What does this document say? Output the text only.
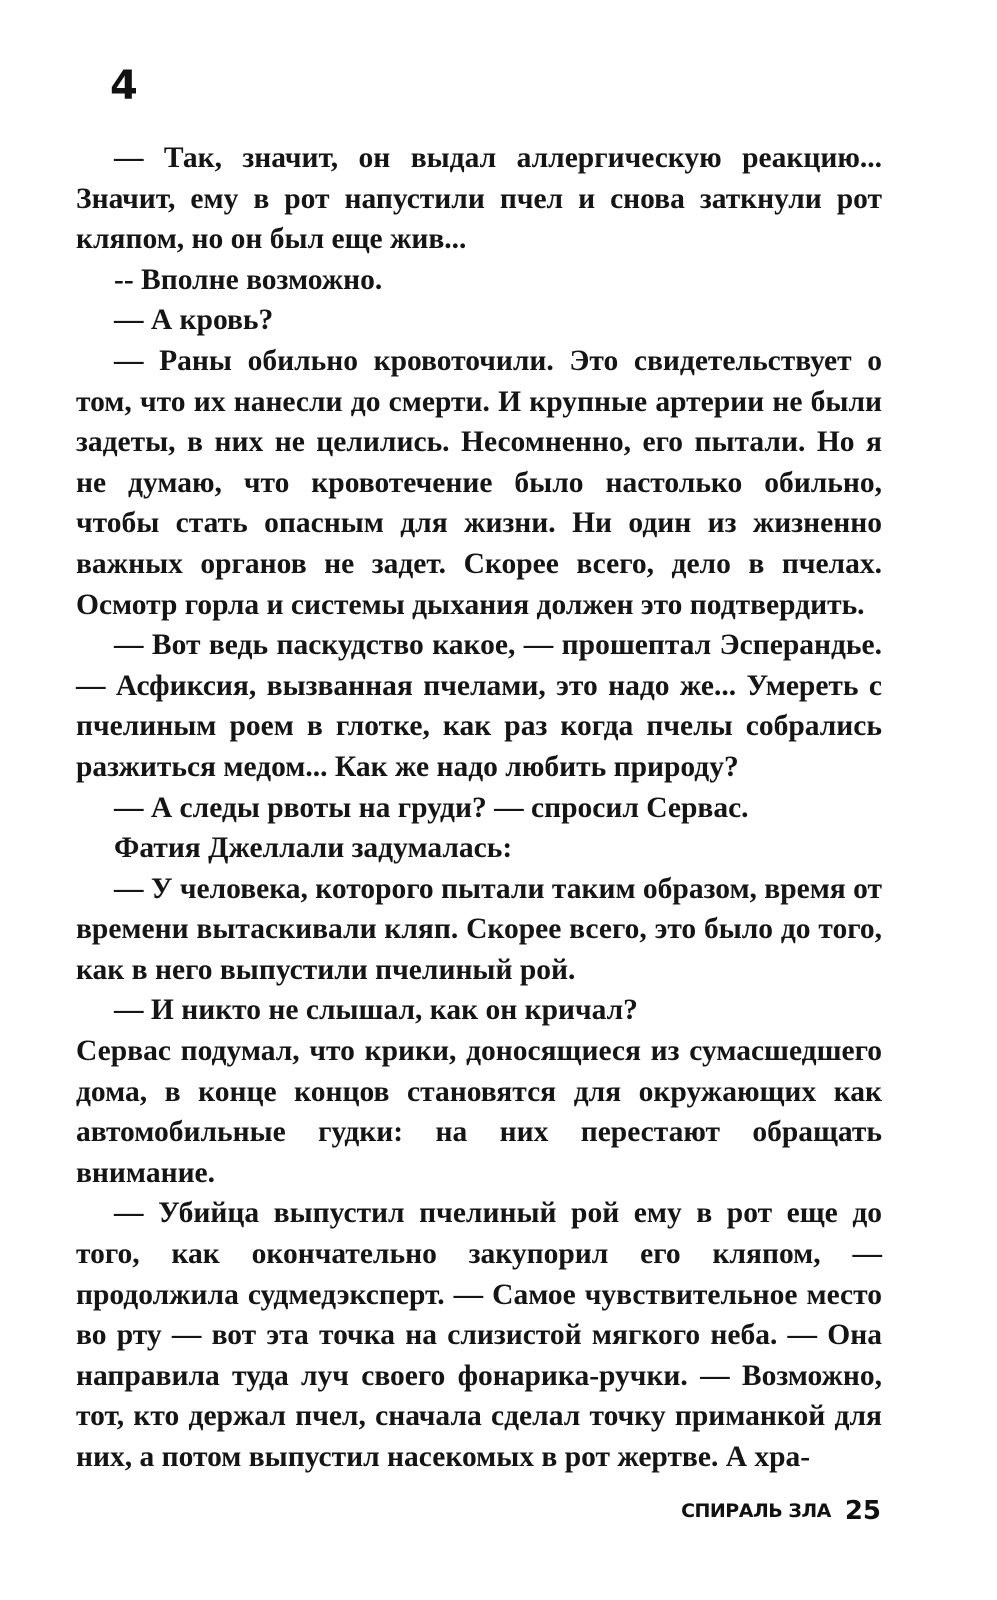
4

— Так, значит, он выдал аллергическую реакцию... Значит, ему в рот напустили пчел и снова заткнули рот кляпом, но он был еще жив...

-- Вполне возможно.

— А кровь?

— Раны обильно кровоточили. Это свидетельствует о том, что их нанесли до смерти. И крупные артерии не были задеты, в них не целились. Несомненно, его пытали. Но я не думаю, что кровотечение было настолько обильно, чтобы стать опасным для жизни. Ни один из жизненно важных органов не задет. Скорее всего, дело в пчелах. Осмотр горла и системы дыхания должен это подтвердить.

— Вот ведь паскудство какое, — прошептал Эсперандье. — Асфиксия, вызванная пчелами, это надо же... Умереть с пчелиным роем в глотке, как раз когда пчелы собрались разжиться медом... Как же надо любить природу?

— А следы рвоты на груди? — спросил Сервас.

Фатия Джеллали задумалась:

— У человека, которого пытали таким образом, время от времени вытаскивали кляп. Скорее всего, это было до того, как в него выпустили пчелиный рой.

— И никто не слышал, как он кричал?

Сервас подумал, что крики, доносящиеся из сумасшедшего дома, в конце концов становятся для окружающих как автомобильные гудки: на них перестают обращать внимание.

— Убийца выпустил пчелиный рой ему в рот еще до того, как окончательно закупорил его кляпом, — продолжила судмедэксперт. — Самое чувствительное место во рту — вот эта точка на слизистой мягкого неба. — Она направила туда луч своего фонарика-ручки. — Возможно, тот, кто держал пчел, сначала сделал точку приманкой для них, а потом выпустил насекомых в рот жертве. А хра-

СПИРАЛЬ ЗЛА 25
